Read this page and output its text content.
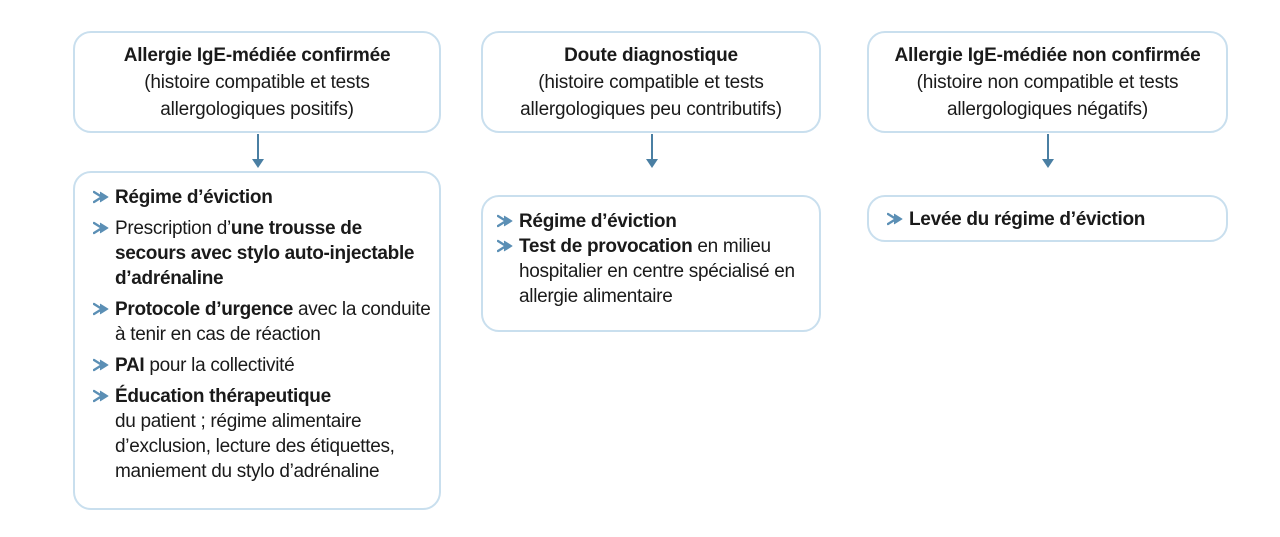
Allergie IgE-médiée confirmée
(histoire compatible et tests
allergologiques positifs)
Doute diagnostique
(histoire compatible et tests
allergologiques peu contributifs)
Allergie IgE-médiée non confirmée
(histoire non compatible et tests
allergologiques négatifs)
Régime d’éviction
Prescription d’une trousse de secours avec stylo auto-injectable d’adrénaline
Protocole d’urgence avec la conduite à tenir en cas de réaction
PAI pour la collectivité
Éducation thérapeutique
du patient ; régime alimentaire d’exclusion, lecture des étiquettes, maniement du stylo d’adrénaline
Régime d’éviction
Test de provocation en milieu hospitalier en centre spécialisé en allergie alimentaire
Levée du régime d’éviction
